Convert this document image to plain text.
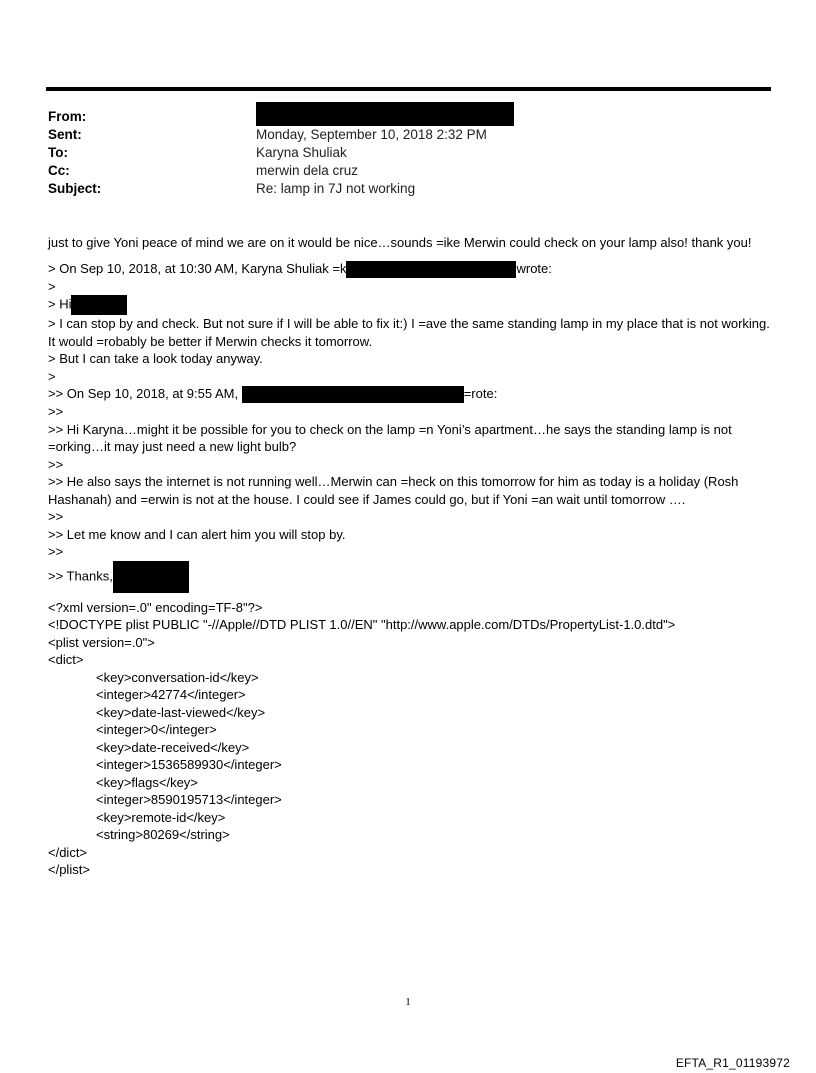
From:
Sent:	Monday, September 10, 2018 2:32 PM
To:	Karyna Shuliak
Cc:	merwin dela cruz
Subject:	Re: lamp in 7J not working
just to give Yoni peace of mind we are on it would be nice…sounds =ike Merwin could check on your lamp also! thank you!
> On Sep 10, 2018, at 10:30 AM, Karyna Shuliak =k	wrote:
>
> Hi
> I can stop by and check. But not sure if I will be able to fix it:) I =ave the same standing lamp in my place that is not working. It would =robably be better if Merwin checks it tomorrow.
> But I can take a look today anyway.
>
>> On Sep 10, 2018, at 9:55 AM,	=rote:
>>
>> Hi Karyna…might it be possible for you to check on the lamp =n Yoni’s apartment…he says the standing lamp is not =orking…it may just need a new light bulb?
>>
>> He also says the internet is not running well…Merwin can =heck on this tomorrow for him as today is a holiday (Rosh Hashanah) and =erwin is not at the house. I could see if James could go, but if Yoni =an wait until tomorrow ….
>>
>> Let me know and I can alert him you will stop by.
>>
>> Thanks,
<?xml version=.0" encoding=TF-8"?>
<!DOCTYPE plist PUBLIC "-//Apple//DTD PLIST 1.0//EN" "http://www.apple.com/DTDs/PropertyList-1.0.dtd">
<plist version=.0">
<dict>
<key>conversation-id</key>
<integer>42774</integer>
<key>date-last-viewed</key>
<integer>0</integer>
<key>date-received</key>
<integer>1536589930</integer>
<key>flags</key>
<integer>8590195713</integer>
<key>remote-id</key>
<string>80269</string>
</dict>
</plist>
1
EFTA_R1_01193972
